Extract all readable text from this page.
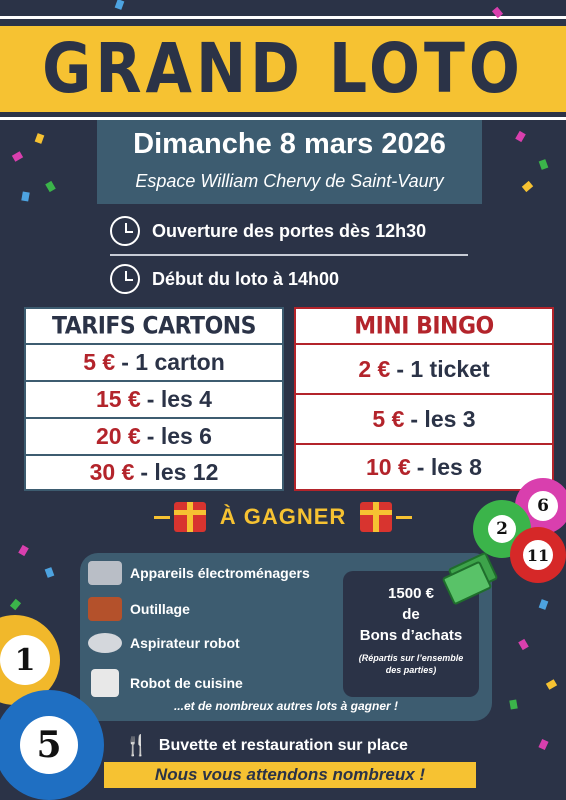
GRAND LOTO
Dimanche 8 mars 2026
Espace William Chervy de Saint-Vaury
Ouverture des portes dès 12h30
Début du loto à 14h00
TARIFS CARTONS
5 € - 1 carton
15 € - les 4
20 € - les 6
30 € - les 12
MINI BINGO
2 € - 1 ticket
5 € - les 3
10 € - les 8
À GAGNER
Appareils électroménagers
Outillage
Aspirateur robot
Robot de cuisine
1500 €
de
Bons d’achats
(Répartis sur l’ensemble des parties)
...et de nombreux autres lots à gagner !
🍴 Buvette et restauration sur place
Nous vous attendons nombreux !
6
2
11
1
5
